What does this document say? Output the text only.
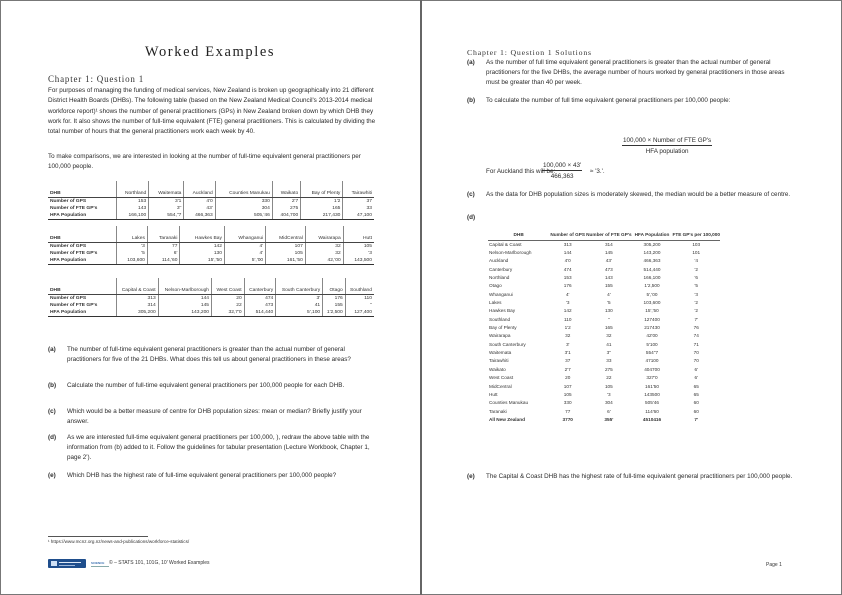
Worked Examples
Chapter 1: Question 1
For purposes of managing the funding of medical services, New Zealand is broken up geographically into 21 different District Health Boards (DHBs). The following table (based on the New Zealand Medical Council's 2013-2014 medical workforce report)¹ shows the number of general practitioners (GPs) in New Zealand broken down by which DHB they work for. It also shows the number of full-time equivalent (FTE) general practitioners. This is calculated by dividing the total number of hours that the general practitioners work each week by 40.
To make comparisons, we are interested in looking at the number of full-time equivalent general practitioners per 100,000 people.
DHB	Northland	Waitemata	Auckland	Counties Manukau	Waikato	Bay of Plenty	Tairawhiti
Number of GPS	153	3'1	4'0	330	2'7	1'2	37
Number of FTE GP's	143	3''	43'	304	275	165	33
HFA Population	166,100	554,''7	466,363	505,'46	404,700	217,430	47,100
DHB	Lakes	Taranaki	Hawkes Bay	Whanganui	MidCentral	Wairarapa	Hutt
Number of GPS	'3	77	142	4'	107	32	105
Number of FTE GP's	'5	6'	130	4'	105	32	'3
HFA Population	103,600	114,'60	15','50	5','00	161,'50	42,'00	143,500
DHB	Capital & Coast	Nelson-Marlborough	West Coast	Canterbury	South Canterbury	Otago	Southland
Number of GPS	313	144	20	474	3'	176	110
Number of FTE GP's	314	145	22	473	41	155	''
HFA Population	305,200	143,200	32,7'0	514,440	5',100	1'2,500	127,400
(a) The number of full-time equivalent general practitioners is greater than the actual number of general practitioners for five of the 21 DHBs. What does this tell us about general practitioners in these areas?
(b) Calculate the number of full-time equivalent general practitioners per 100,000 people for each DHB.
(c) Which would be a better measure of centre for DHB population sizes: mean or median? Briefly justify your answer.
(d) As we are interested full-time equivalent general practitioners per 100,000, ), redraw the above table with the information from (b) added to it. Follow the guidelines for tabular presentation (Lecture Workbook, Chapter 1, page 2').
(e) Which DHB has the highest rate of full-time equivalent general practitioners per 100,000 people?
¹ https://www.mcnz.org.nz/news-and-publications/workforce-statistics/
SCIENCE © – STATS 101, 101G, 10' Worked Examples
Chapter 1: Question 1 Solutions
(a) As the number of full time equivalent general practitioners is greater than the actual number of general practitioners for the five DHBs, the average number of hours worked by general practitioners in those areas must be greater than 40 per week.
(b) To calculate the number of full time equivalent general practitioners per 100,000 people:
100,000 × Number of FTE GP's
HFA population
For Auckland this will be:
$\frac{100,000 \times 43'}{466,363}$ ≈ '3.'.
(c) As the data for DHB population sizes is moderately skewed, the median would be a better measure of centre.
(d)
DHB	Number of GPS	Number of FTE GP's	HFA Population	FTE GP's per 100,000
Capital & Coast	313	314	305,200	103
Nelson-Marlborough	144	145	143,200	101
Auckland	4'0	43'	466,363	'4
Canterbury	474	473	514,440	'2
Northland	153	143	166,100	'6
Otago	176	155	1'2,500	'5
Whanganui	4'	4'	5','00	'3
Lakes	'3	'5	103,600	'2
Hawkes Bay	142	130	15','50	'2
Southland	110	''	127400	7'
Bay of Plenty	1'2	165	217430	76
Wairarapa	32	32	42'00	74
South Canterbury	3'	41	5'100	71
Waitemata	3'1	3''	554''7	70
Tairawhiti	37	33	47100	70
Waikato	2'7	275	404700	6'
West Coast	20	22	327'0	6'
MidCentral	107	105	161'50	65
Hutt	105	'3	143500	65
Counties Manukau	330	304	505'46	60
Taranaki	77	6'	114'60	60
All New Zealand	3770	355'	4510416	7'
(e) The Capital & Coast DHB has the highest rate of full-time equivalent general practitioners per 100,000 people.
Page 1
